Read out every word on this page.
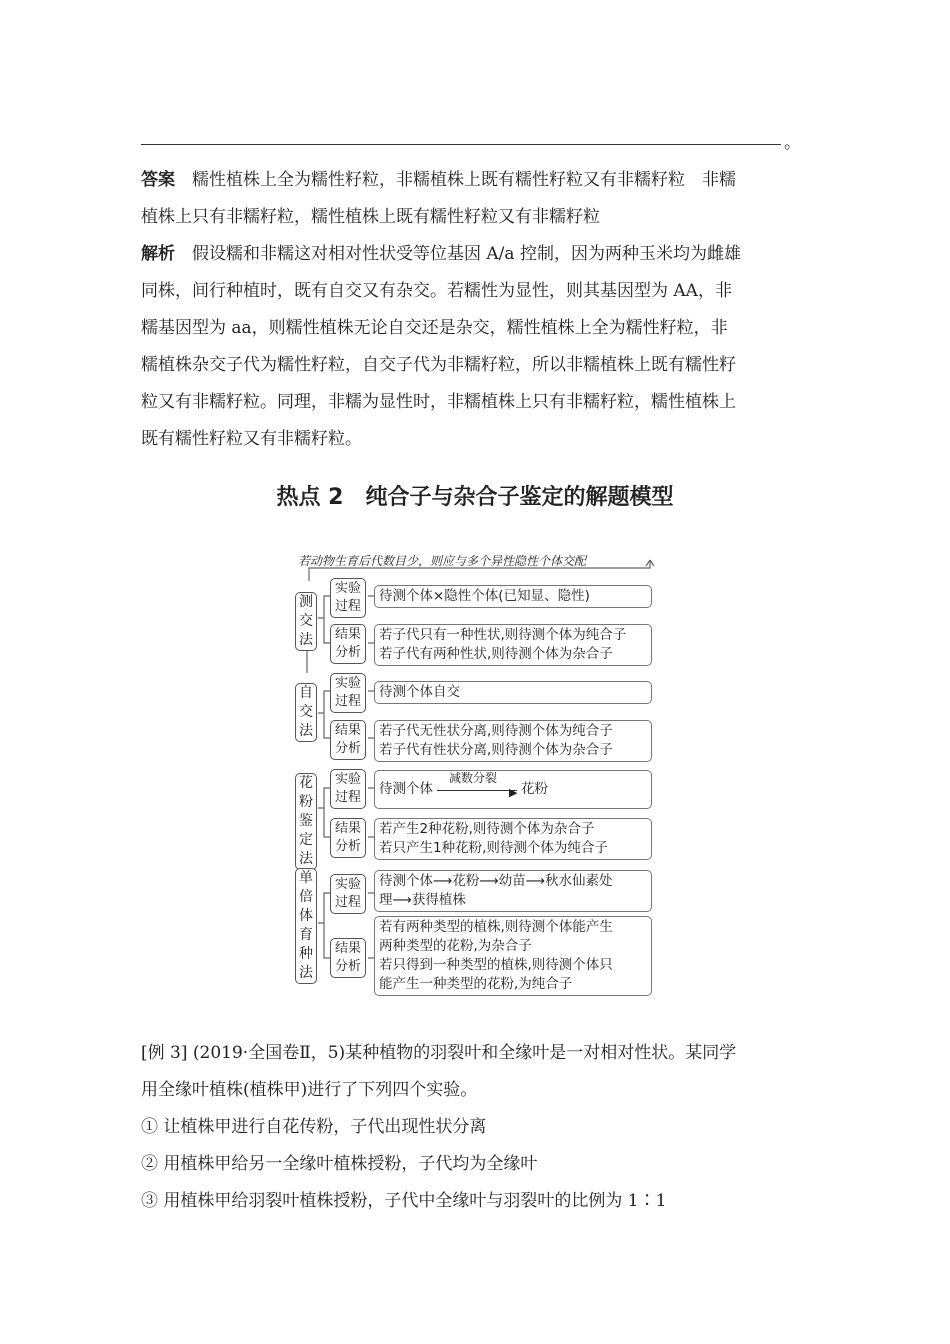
。
答案　 糯性植株上全为糯性籽粒，非糯植株上既有糯性籽粒又有非糯籽粒　非糯
植株上只有非糯籽粒，糯性植株上既有糯性籽粒又有非糯籽粒
解析　 假设糯和非糯这对相对性状受等位基因 A/a 控制，因为两种玉米均为雌雄
同株，间行种植时，既有自交又有杂交。若糯性为显性，则其基因型为 AA，非
糯基因型为 aa，则糯性植株无论自交还是杂交，糯性植株上全为糯性籽粒，非
糯植株杂交子代为糯性籽粒，自交子代为非糯籽粒，所以非糯植株上既有糯性籽
粒又有非糯籽粒。同理，非糯为显性时，非糯植株上只有非糯籽粒，糯性植株上
既有糯性籽粒又有非糯籽粒。
热点 2　纯合子与杂合子鉴定的解题模型
若动物生育后代数目少，则应与多个异性隐性个体交配
测
交
法
实验
过程
待测个体×隐性个体(已知显、隐性)
结果
分析
若子代只有一种性状,则待测个体为纯合子
若子代有两种性状,则待测个体为杂合子
自
交
法
实验
过程
待测个体自交
结果
分析
若子代无性状分离,则待测个体为纯合子
若子代有性状分离,则待测个体为杂合子
花
粉
鉴
定
法
实验
过程
待测个体
减数分裂
▶ 花粉
结果
分析
若产生2种花粉,则待测个体为杂合子
若只产生1种花粉,则待测个体为纯合子
单
倍
体
育
种
法
实验
过程
待测个体⟶花粉⟶幼苗⟶秋水仙素处
理⟶获得植株
结果
分析
若有两种类型的植株,则待测个体能产生
两种类型的花粉,为杂合子
若只得到一种类型的植株,则待测个体只
能产生一种类型的花粉,为纯合子
[例 3] (2019·全国卷Ⅱ，5)某种植物的羽裂叶和全缘叶是一对相对性状。某同学
用全缘叶植株(植株甲)进行了下列四个实验。
① 让植株甲进行自花传粉，子代出现性状分离
② 用植株甲给另一全缘叶植株授粉，子代均为全缘叶
③ 用植株甲给羽裂叶植株授粉，子代中全缘叶与羽裂叶的比例为 1∶1
